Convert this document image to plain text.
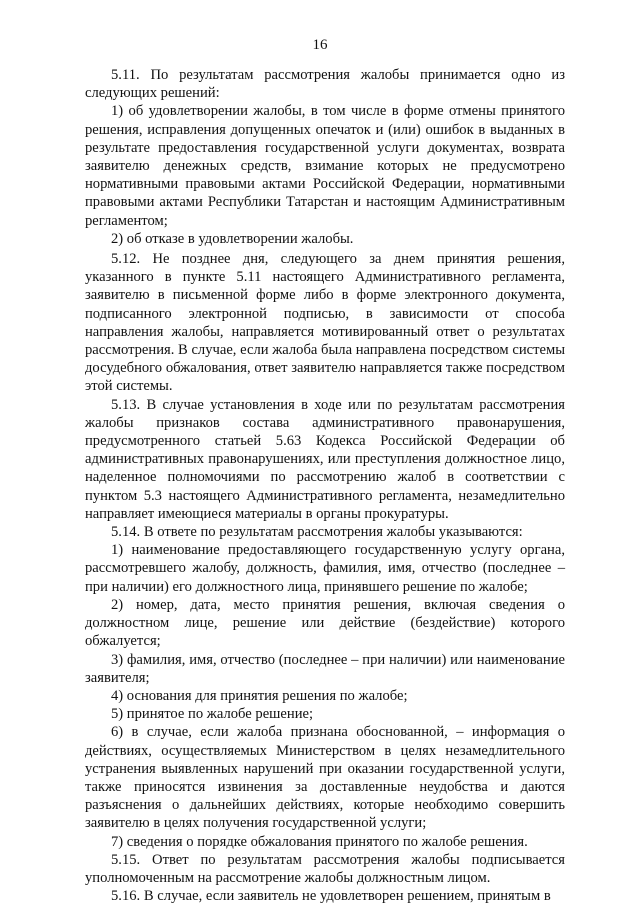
16

5.11. По результатам рассмотрения жалобы принимается одно из следующих решений:

1) об удовлетворении жалобы, в том числе в форме отмены принятого решения, исправления допущенных опечаток и (или) ошибок в выданных в результате предоставления государственной услуги документах, возврата заявителю денежных средств, взимание которых не предусмотрено нормативными правовыми актами Российской Федерации, нормативными правовыми актами Республики Татарстан и настоящим Административным регламентом;

2) об отказе в удовлетворении жалобы.

5.12. Не позднее дня, следующего за днем принятия решения, указанного в пункте 5.11 настоящего Административного регламента, заявителю в письменной форме либо в форме электронного документа, подписанного электронной подписью, в зависимости от способа направления жалобы, направляется мотивированный ответ о результатах рассмотрения. В случае, если жалоба была направлена посредством системы досудебного обжалования, ответ заявителю направляется также посредством этой системы.

5.13. В случае установления в ходе или по результатам рассмотрения жалобы признаков состава административного правонарушения, предусмотренного статьей 5.63 Кодекса Российской Федерации об административных правонарушениях, или преступления должностное лицо, наделенное полномочиями по рассмотрению жалоб в соответствии с пунктом 5.3 настоящего Административного регламента, незамедлительно направляет имеющиеся материалы в органы прокуратуры.

5.14. В ответе по результатам рассмотрения жалобы указываются:

1) наименование предоставляющего государственную услугу органа, рассмотревшего жалобу, должность, фамилия, имя, отчество (последнее – при наличии) его должностного лица, принявшего решение по жалобе;

2) номер, дата, место принятия решения, включая сведения о должностном лице, решение или действие (бездействие) которого обжалуется;

3) фамилия, имя, отчество (последнее – при наличии) или наименование заявителя;

4) основания для принятия решения по жалобе;

5) принятое по жалобе решение;

6) в случае, если жалоба признана обоснованной, – информация о действиях, осуществляемых Министерством в целях незамедлительного устранения выявленных нарушений при оказании государственной услуги, также приносятся извинения за доставленные неудобства и даются разъяснения о дальнейших действиях, которые необходимо совершить заявителю в целях получения государственной услуги;

7) сведения о порядке обжалования принятого по жалобе решения.

5.15. Ответ по результатам рассмотрения жалобы подписывается уполномоченным на рассмотрение жалобы должностным лицом.

5.16. В случае, если заявитель не удовлетворен решением, принятым в
